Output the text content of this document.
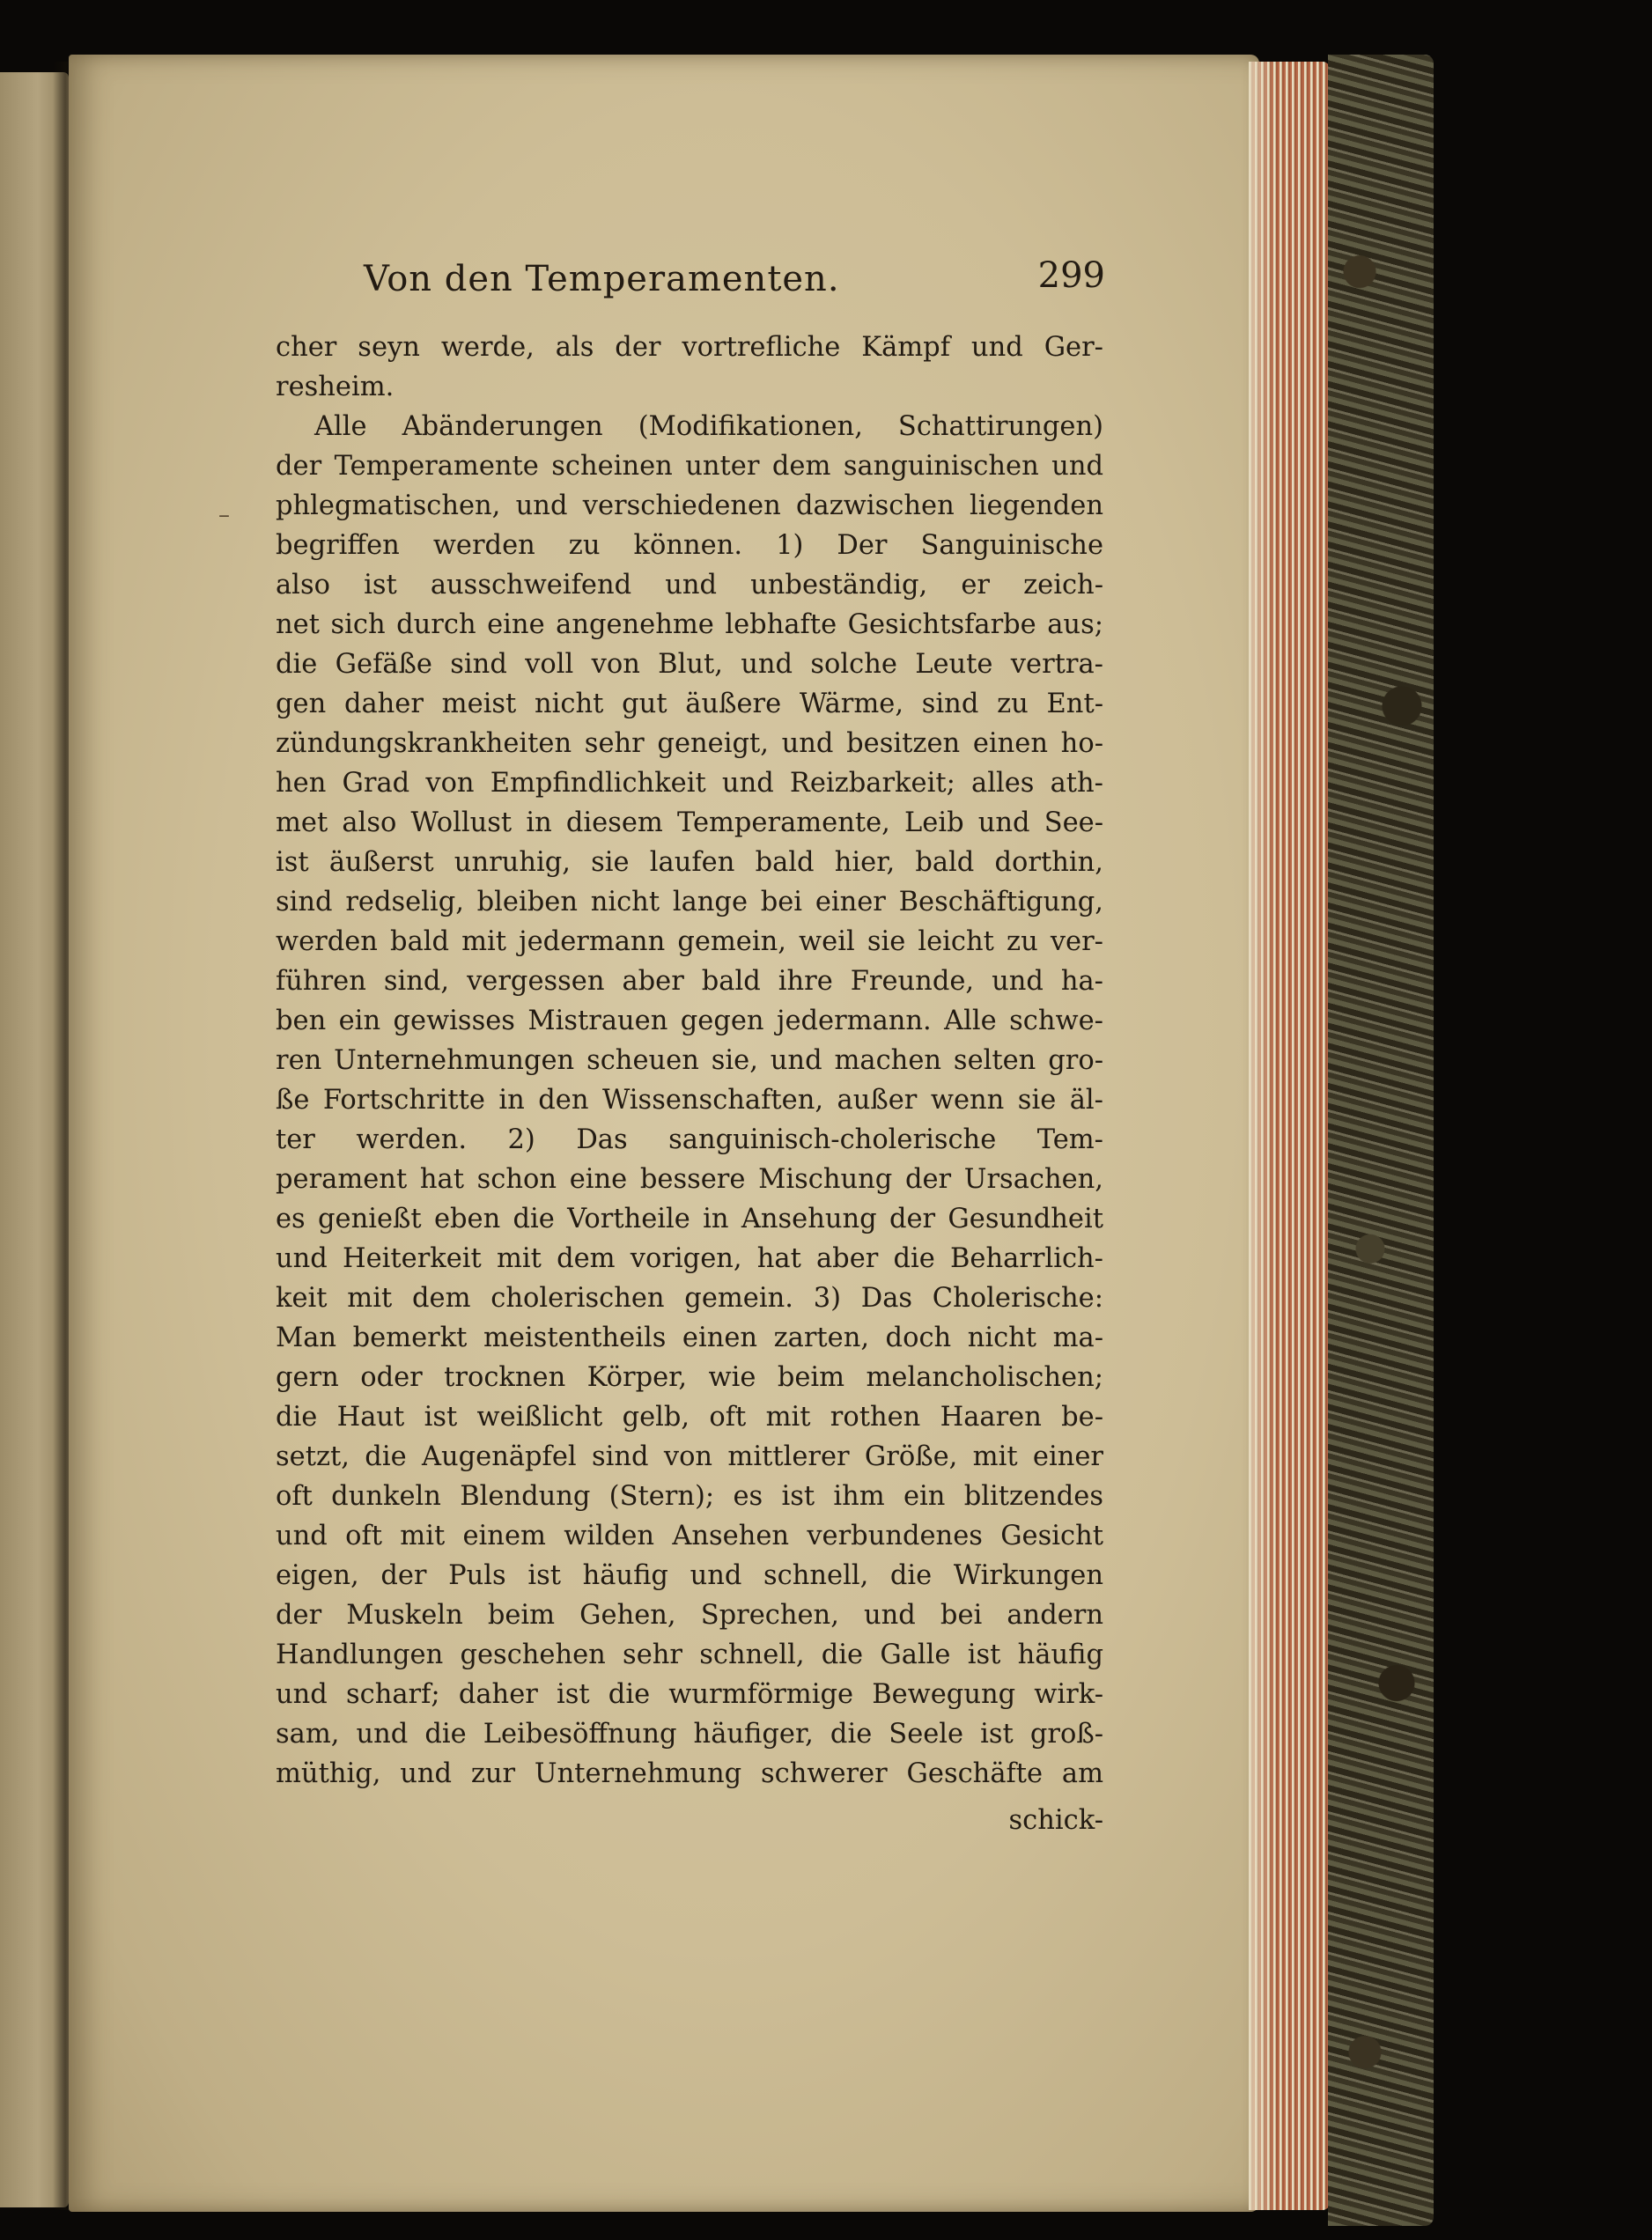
–
Von den Temperamenten.	299
cher seyn werde, als der vortrefliche Kämpf und Ger-
resheim.
Alle Abänderungen (Modifikationen, Schattirungen)
der Temperamente scheinen unter dem sanguinischen und
phlegmatischen, und verschiedenen dazwischen liegenden
begriffen werden zu können. 1) Der Sanguinische
also ist ausschweifend und unbeständig, er zeich-
net sich durch eine angenehme lebhafte Gesichtsfarbe aus;
die Gefäße sind voll von Blut, und solche Leute vertra-
gen daher meist nicht gut äußere Wärme, sind zu Ent-
zündungskrankheiten sehr geneigt, und besitzen einen ho-
hen Grad von Empfindlichkeit und Reizbarkeit; alles ath-
met also Wollust in diesem Temperamente, Leib und See-
ist äußerst unruhig, sie laufen bald hier, bald dorthin,
sind redselig, bleiben nicht lange bei einer Beschäftigung,
werden bald mit jedermann gemein, weil sie leicht zu ver-
führen sind, vergessen aber bald ihre Freunde, und ha-
ben ein gewisses Mistrauen gegen jedermann. Alle schwe-
ren Unternehmungen scheuen sie, und machen selten gro-
ße Fortschritte in den Wissenschaften, außer wenn sie äl-
ter werden. 2) Das sanguinisch-cholerische Tem-
perament hat schon eine bessere Mischung der Ursachen,
es genießt eben die Vortheile in Ansehung der Gesundheit
und Heiterkeit mit dem vorigen, hat aber die Beharrlich-
keit mit dem cholerischen gemein. 3) Das Cholerische:
Man bemerkt meistentheils einen zarten, doch nicht ma-
gern oder trocknen Körper, wie beim melancholischen;
die Haut ist weißlicht gelb, oft mit rothen Haaren be-
setzt, die Augenäpfel sind von mittlerer Größe, mit einer
oft dunkeln Blendung (Stern); es ist ihm ein blitzendes
und oft mit einem wilden Ansehen verbundenes Gesicht
eigen, der Puls ist häufig und schnell, die Wirkungen
der Muskeln beim Gehen, Sprechen, und bei andern
Handlungen geschehen sehr schnell, die Galle ist häufig
und scharf; daher ist die wurmförmige Bewegung wirk-
sam, und die Leibesöffnung häufiger, die Seele ist groß-
müthig, und zur Unternehmung schwerer Geschäfte am
schick-
